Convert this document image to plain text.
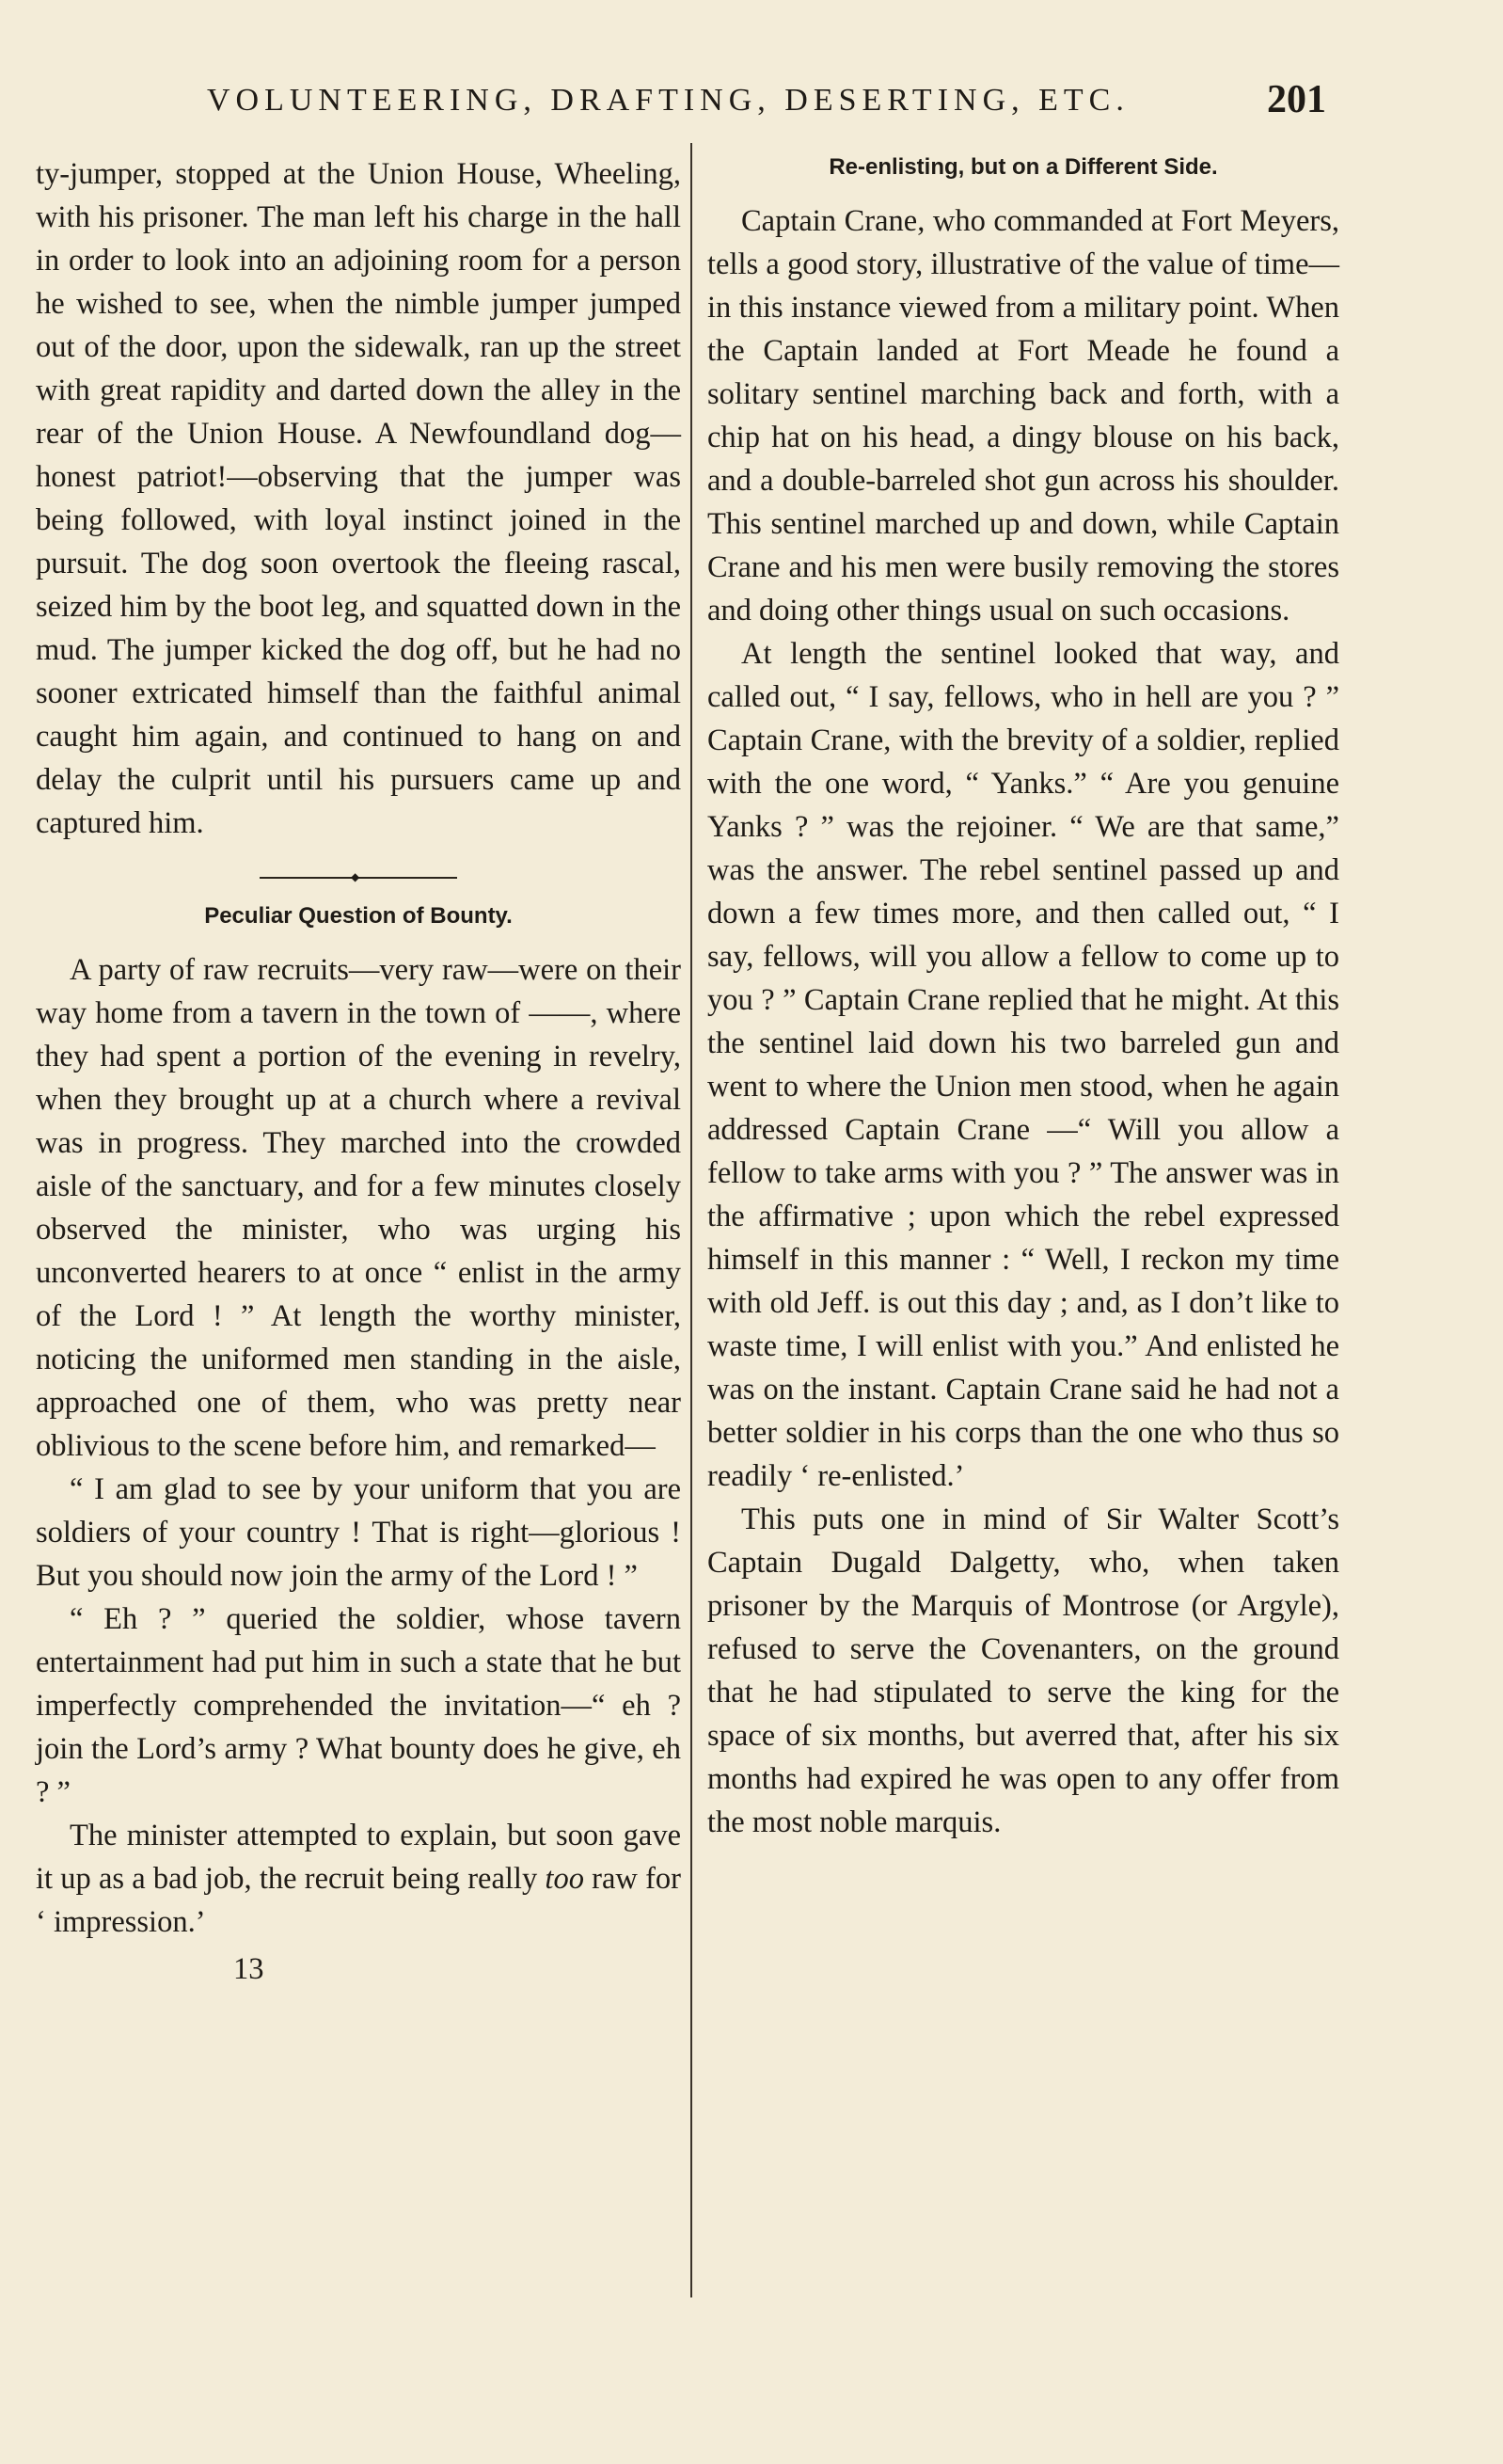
VOLUNTEERING, DRAFTING, DESERTING, ETC.	201

ty-jumper, stopped at the Union House, Wheeling, with his prisoner. The man left his charge in the hall in order to look into an adjoining room for a person he wished to see, when the nimble jumper jumped out of the door, upon the sidewalk, ran up the street with great rapidity and darted down the alley in the rear of the Union House. A Newfoundland dog—honest patriot!—observing that the jumper was being followed, with loyal instinct joined in the pursuit. The dog soon overtook the fleeing rascal, seized him by the boot leg, and squatted down in the mud. The jumper kicked the dog off, but he had no sooner extricated himself than the faithful animal caught him again, and continued to hang on and delay the culprit until his pursuers came up and captured him.

◆
Peculiar Question of Bounty.

A party of raw recruits—very raw—were on their way home from a tavern in the town of ——, where they had spent a portion of the evening in revelry, when they brought up at a church where a revival was in progress. They marched into the crowded aisle of the sanctuary, and for a few minutes closely observed the minister, who was urging his unconverted hearers to at once “ enlist in the army of the Lord ! ” At length the worthy minister, noticing the uniformed men standing in the aisle, approached one of them, who was pretty near oblivious to the scene before him, and remarked—

“ I am glad to see by your uniform that you are soldiers of your country ! That is right—glorious ! But you should now join the army of the Lord ! ”

“ Eh ? ” queried the soldier, whose tavern entertainment had put him in such a state that he but imperfectly comprehended the invitation—“ eh ? join the Lord’s army ? What bounty does he give, eh ? ”

The minister attempted to explain, but soon gave it up as a bad job, the recruit being really too raw for ‘ impression.’

13

Re-enlisting, but on a Different Side.

Captain Crane, who commanded at Fort Meyers, tells a good story, illustrative of the value of time—in this instance viewed from a military point. When the Captain landed at Fort Meade he found a solitary sentinel marching back and forth, with a chip hat on his head, a dingy blouse on his back, and a double-barreled shot gun across his shoulder. This sentinel marched up and down, while Captain Crane and his men were busily removing the stores and doing other things usual on such occasions.

At length the sentinel looked that way, and called out, “ I say, fellows, who in hell are you ? ” Captain Crane, with the brevity of a soldier, replied with the one word, “ Yanks.” “ Are you genuine Yanks ? ” was the rejoiner. “ We are that same,” was the answer. The rebel sentinel passed up and down a few times more, and then called out, “ I say, fellows, will you allow a fellow to come up to you ? ” Captain Crane replied that he might. At this the sentinel laid down his two barreled gun and went to where the Union men stood, when he again addressed Captain Crane —“ Will you allow a fellow to take arms with you ? ” The answer was in the affirmative ; upon which the rebel expressed himself in this manner : “ Well, I reckon my time with old Jeff. is out this day ; and, as I don’t like to waste time, I will enlist with you.” And enlisted he was on the instant. Captain Crane said he had not a better soldier in his corps than the one who thus so readily ‘ re-enlisted.’

This puts one in mind of Sir Walter Scott’s Captain Dugald Dalgetty, who, when taken prisoner by the Marquis of Montrose (or Argyle), refused to serve the Covenanters, on the ground that he had stipulated to serve the king for the space of six months, but averred that, after his six months had expired he was open to any offer from the most noble marquis.
